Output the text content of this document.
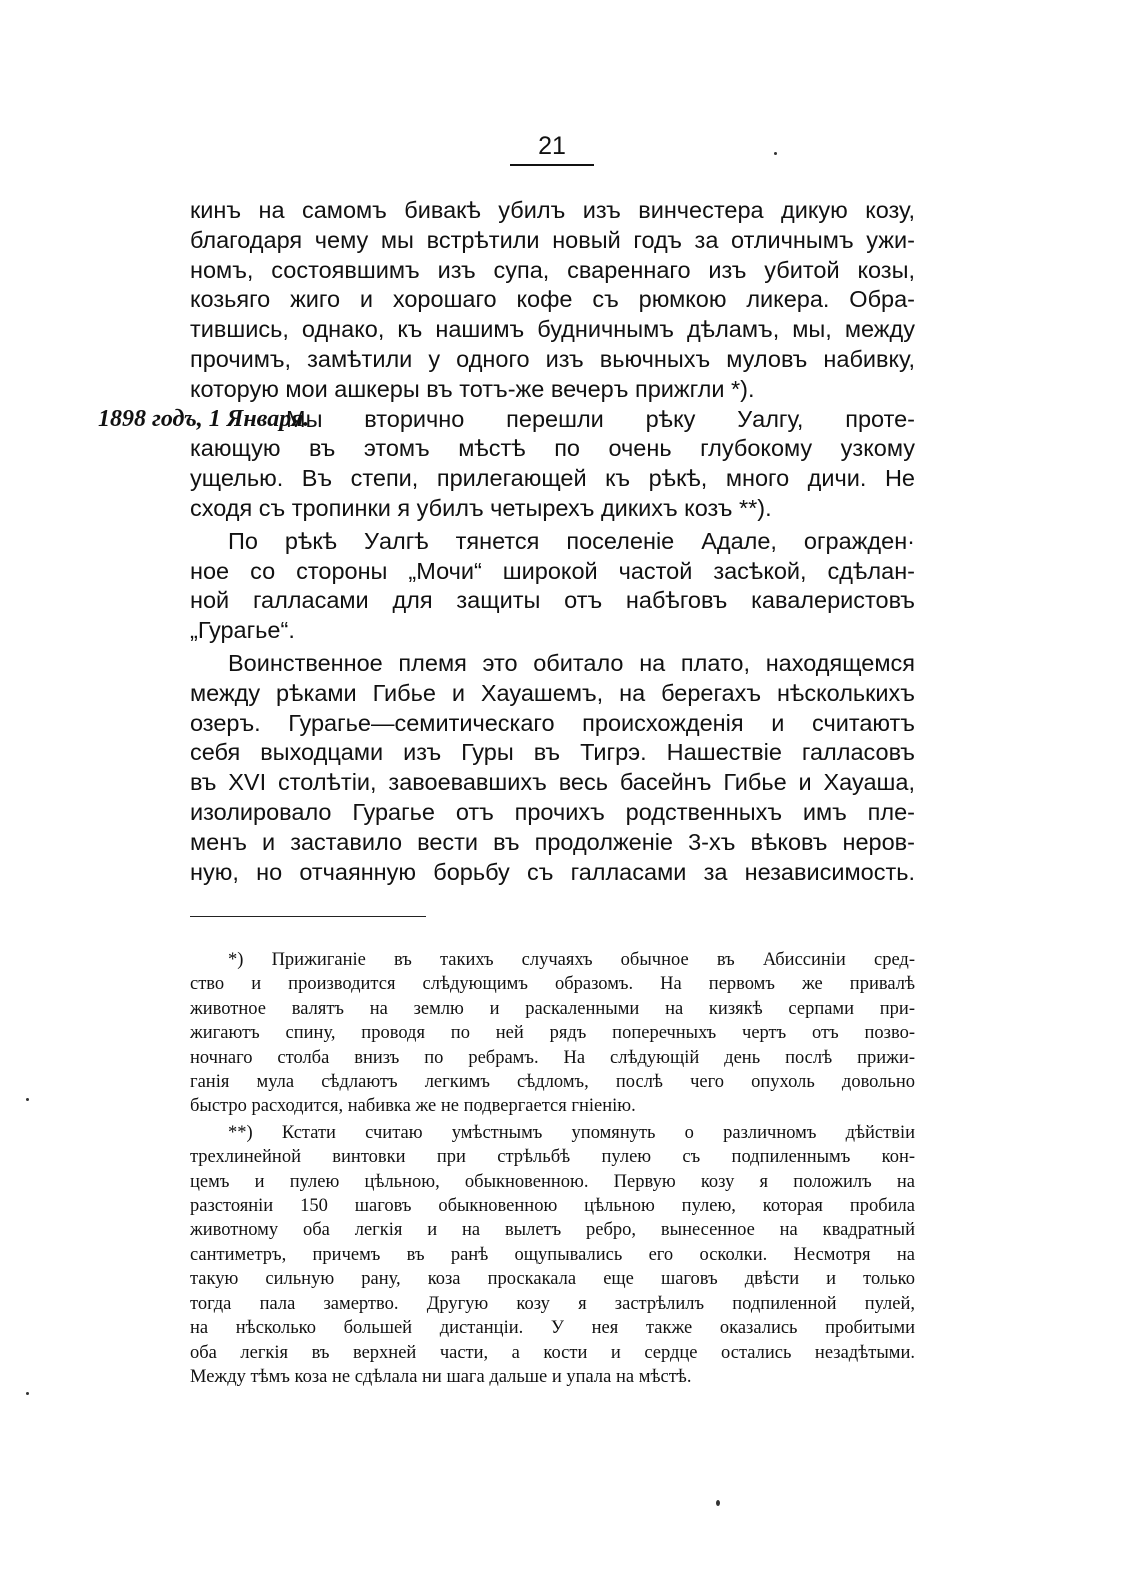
21

кинъ на самомъ бивакѣ убилъ изъ винчестера дикую козу,
благодаря чему мы встрѣтили новый годъ за отличнымъ ужи-
номъ, состоявшимъ изъ супа, свареннаго изъ убитой козы,
козьяго жиго и хорошаго кофе съ рюмкою ликера. Обра-
тившись, однако, къ нашимъ будничнымъ дѣламъ, мы, между
прочимъ, замѣтили у одного изъ вьючныхъ муловъ набивку,
которую мои ашкеры въ тотъ-же вечеръ прижгли *).

1898 годъ, 1 Января.
Мы вторично перешли рѣку Уалгу, проте-
кающую въ этомъ мѣстѣ по очень глубокому узкому
ущелью. Въ степи, прилегающей къ рѣкѣ, много дичи. Не
сходя съ тропинки я убилъ четырехъ дикихъ козъ **).

По рѣкѣ Уалгѣ тянется поселеніе Адале, огражден·
ное со стороны „Мочи“ широкой частой засѣкой, сдѣлан-
ной галласами для защиты отъ набѣговъ кавалеристовъ
„Гурагье“.

Воинственное племя это обитало на плато, находящемся
между рѣками Гибье и Хауашемъ, на берегахъ нѣсколькихъ
озеръ. Гурагье—семитическаго происхожденія и считаютъ
себя выходцами изъ Гуры въ Тигрэ. Нашествіе галласовъ
въ XVI столѣтіи, завоевавшихъ весь басейнъ Гибье и Хауаша,
изолировало Гурагье отъ прочихъ родственныхъ имъ пле-
менъ и заставило вести въ продолженіе 3-хъ вѣковъ неров-
ную, но отчаянную борьбу съ галласами за независимость.

*) Прижиганіе въ такихъ случаяхъ обычное въ Абиссиніи сред-
ство и производится слѣдующимъ образомъ. На первомъ же привалѣ
животное валятъ на землю и раскаленными на кизякѣ серпами при-
жигаютъ спину, проводя по ней рядъ поперечныхъ чертъ отъ позво-
ночнаго столба внизъ по ребрамъ. На слѣдующій день послѣ прижи-
ганія мула сѣдлаютъ легкимъ сѣдломъ, послѣ чего опухоль довольно
быстро расходится, набивка же не подвергается гніенію.

**) Кстати считаю умѣстнымъ упомянуть о различномъ дѣйствіи
трехлинейной винтовки при стрѣльбѣ пулею съ подпиленнымъ кон-
цемъ и пулею цѣльною, обыкновенною. Первую козу я положилъ на
разстояніи 150 шаговъ обыкновенною цѣльною пулею, которая пробила
животному оба легкія и на вылетъ ребро, вынесенное на квадратный
сантиметръ, причемъ въ ранѣ ощупывались его осколки. Несмотря на
такую сильную рану, коза проскакала еще шаговъ двѣсти и только
тогда пала замертво. Другую козу я застрѣлилъ подпиленной пулей,
на нѣсколько большей дистанціи. У нея также оказались пробитыми
оба легкія въ верхней части, а кости и сердце остались незадѣтыми.
Между тѣмъ коза не сдѣлала ни шага дальше и упала на мѣстѣ.
